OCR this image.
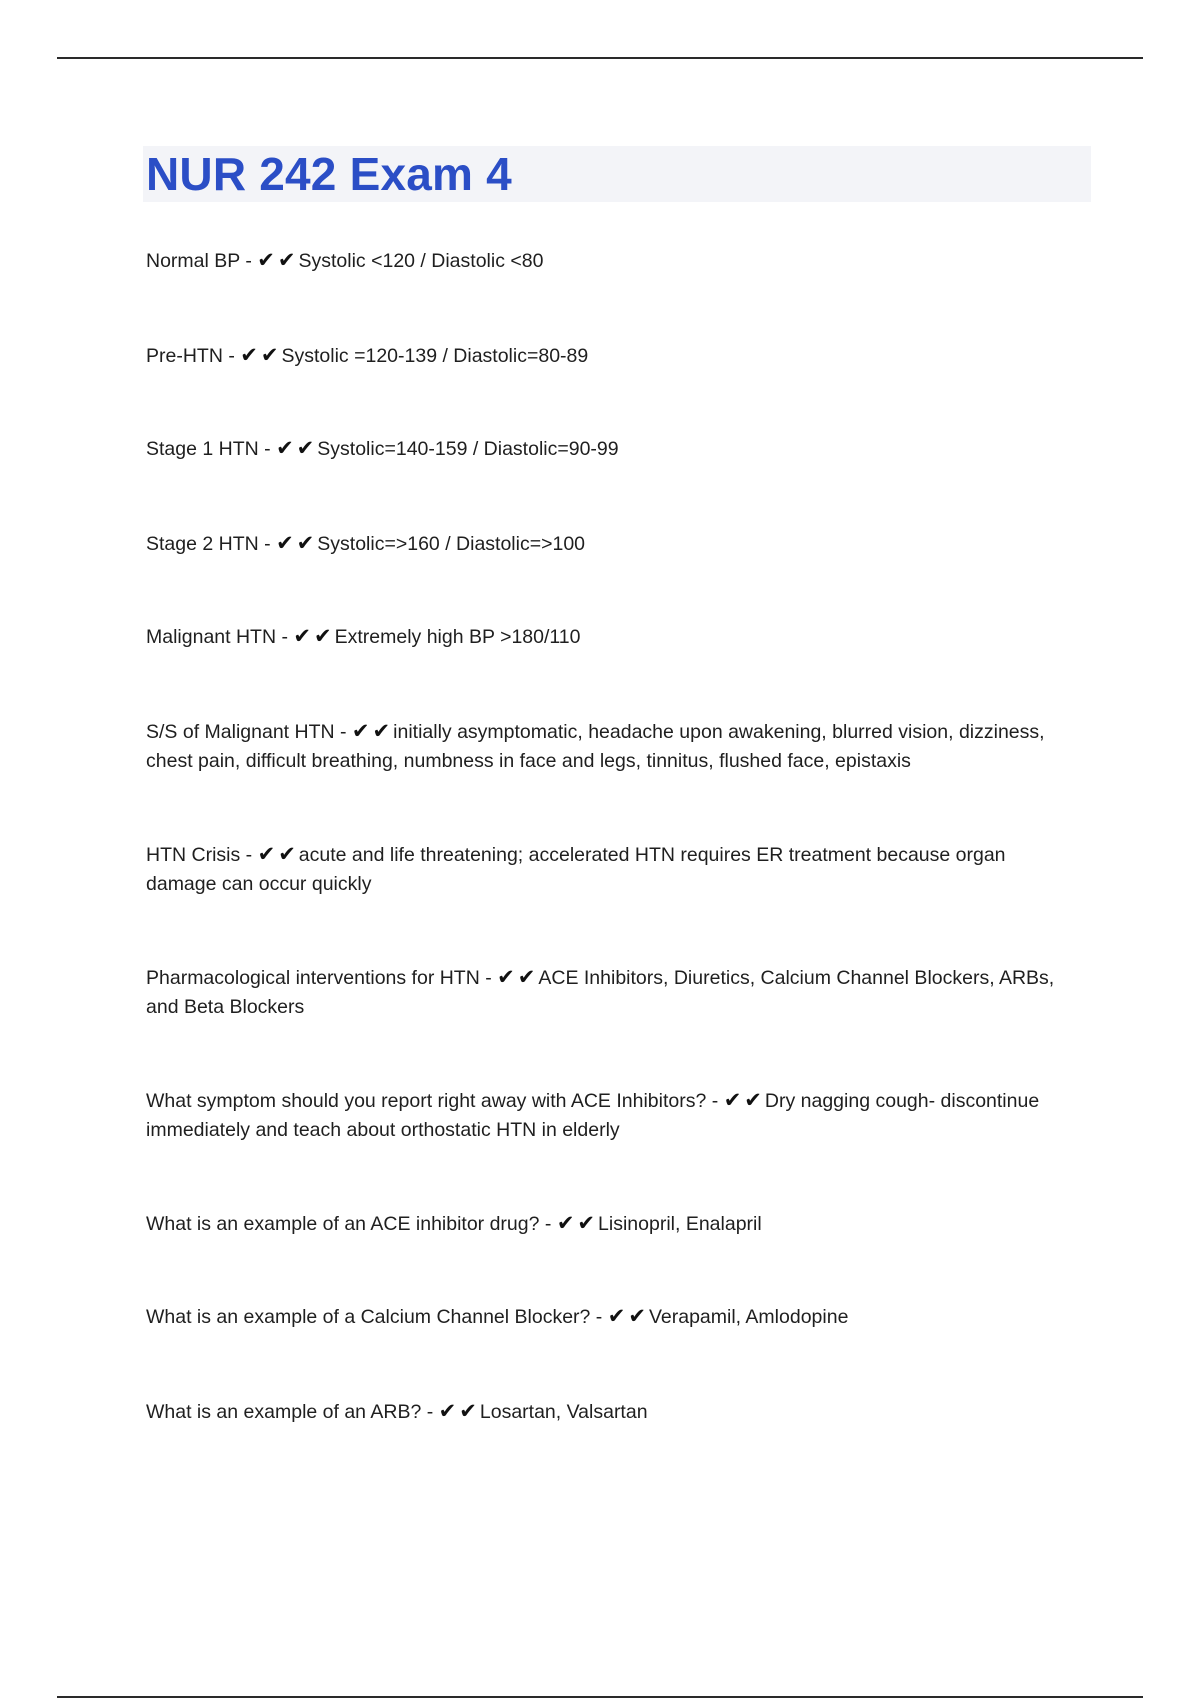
NUR 242 Exam 4

Normal BP - ✔ ✔ Systolic <120 / Diastolic <80

Pre-HTN - ✔ ✔ Systolic =120-139 / Diastolic=80-89

Stage 1 HTN - ✔ ✔ Systolic=140-159 / Diastolic=90-99

Stage 2 HTN - ✔ ✔ Systolic=>160 / Diastolic=>100

Malignant HTN - ✔ ✔ Extremely high BP >180/110

S/S of Malignant HTN - ✔ ✔ initially asymptomatic, headache upon awakening, blurred vision, dizziness, chest pain, difficult breathing, numbness in face and legs, tinnitus, flushed face, epistaxis

HTN Crisis - ✔ ✔ acute and life threatening; accelerated HTN requires ER treatment because organ damage can occur quickly

Pharmacological interventions for HTN - ✔ ✔ ACE Inhibitors, Diuretics, Calcium Channel Blockers, ARBs, and Beta Blockers

What symptom should you report right away with ACE Inhibitors? - ✔ ✔ Dry nagging cough- discontinue immediately and teach about orthostatic HTN in elderly

What is an example of an ACE inhibitor drug? - ✔ ✔ Lisinopril, Enalapril

What is an example of a Calcium Channel Blocker? - ✔ ✔ Verapamil, Amlodopine

What is an example of an ARB? - ✔ ✔ Losartan, Valsartan
